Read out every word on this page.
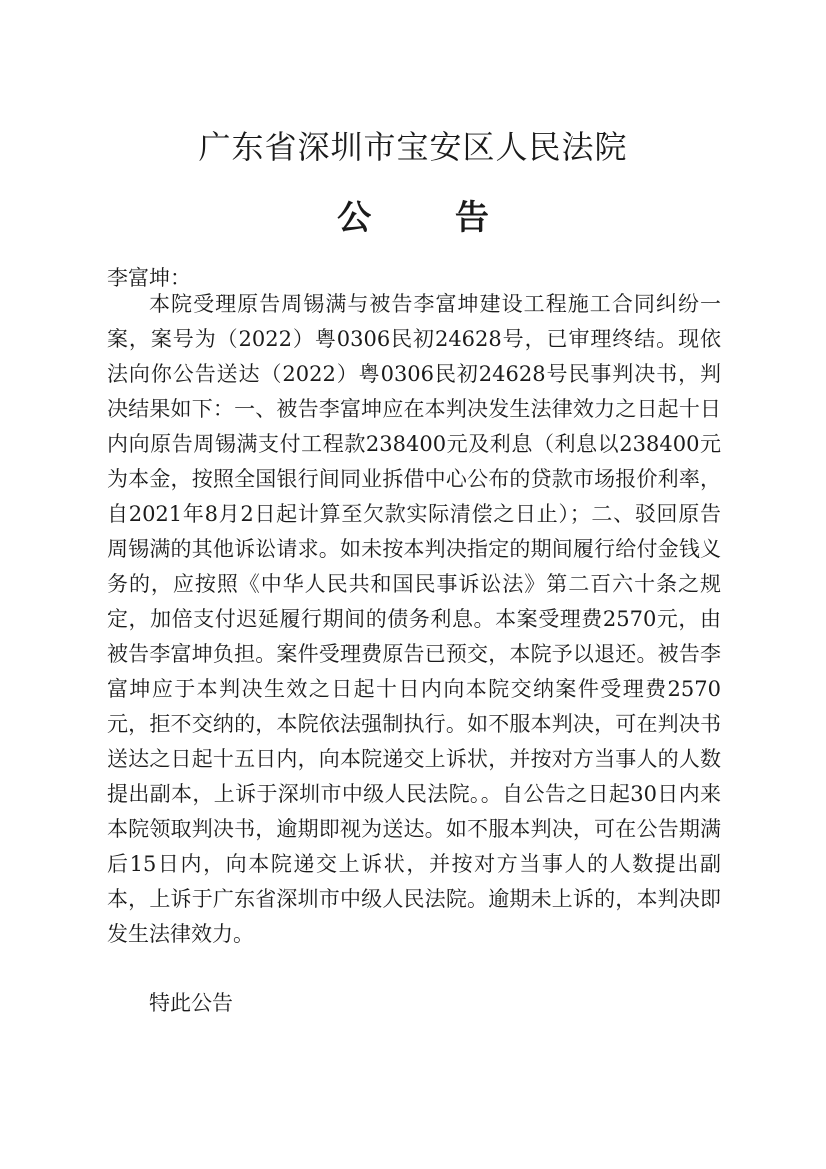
广东省深圳市宝安区人民法院
公 告

李富坤：

本院受理原告周锡满与被告李富坤建设工程施工合同纠纷一案，案号为（2022）粤0306民初24628号，已审理终结。现依法向你公告送达（2022）粤0306民初24628号民事判决书，判决结果如下：一、被告李富坤应在本判决发生法律效力之日起十日内向原告周锡满支付工程款238400元及利息（利息以238400元为本金，按照全国银行间同业拆借中心公布的贷款市场报价利率，自2021年8月2日起计算至欠款实际清偿之日止）；二、驳回原告周锡满的其他诉讼请求。如未按本判决指定的期间履行给付金钱义务的，应按照《中华人民共和国民事诉讼法》第二百六十条之规定，加倍支付迟延履行期间的债务利息。本案受理费2570元，由被告李富坤负担。案件受理费原告已预交，本院予以退还。被告李富坤应于本判决生效之日起十日内向本院交纳案件受理费2570元，拒不交纳的，本院依法强制执行。如不服本判决，可在判决书送达之日起十五日内，向本院递交上诉状，并按对方当事人的人数提出副本，上诉于深圳市中级人民法院。。自公告之日起30日内来本院领取判决书，逾期即视为送达。如不服本判决，可在公告期满后15日内，向本院递交上诉状，并按对方当事人的人数提出副本，上诉于广东省深圳市中级人民法院。逾期未上诉的，本判决即发生法律效力。

特此公告
